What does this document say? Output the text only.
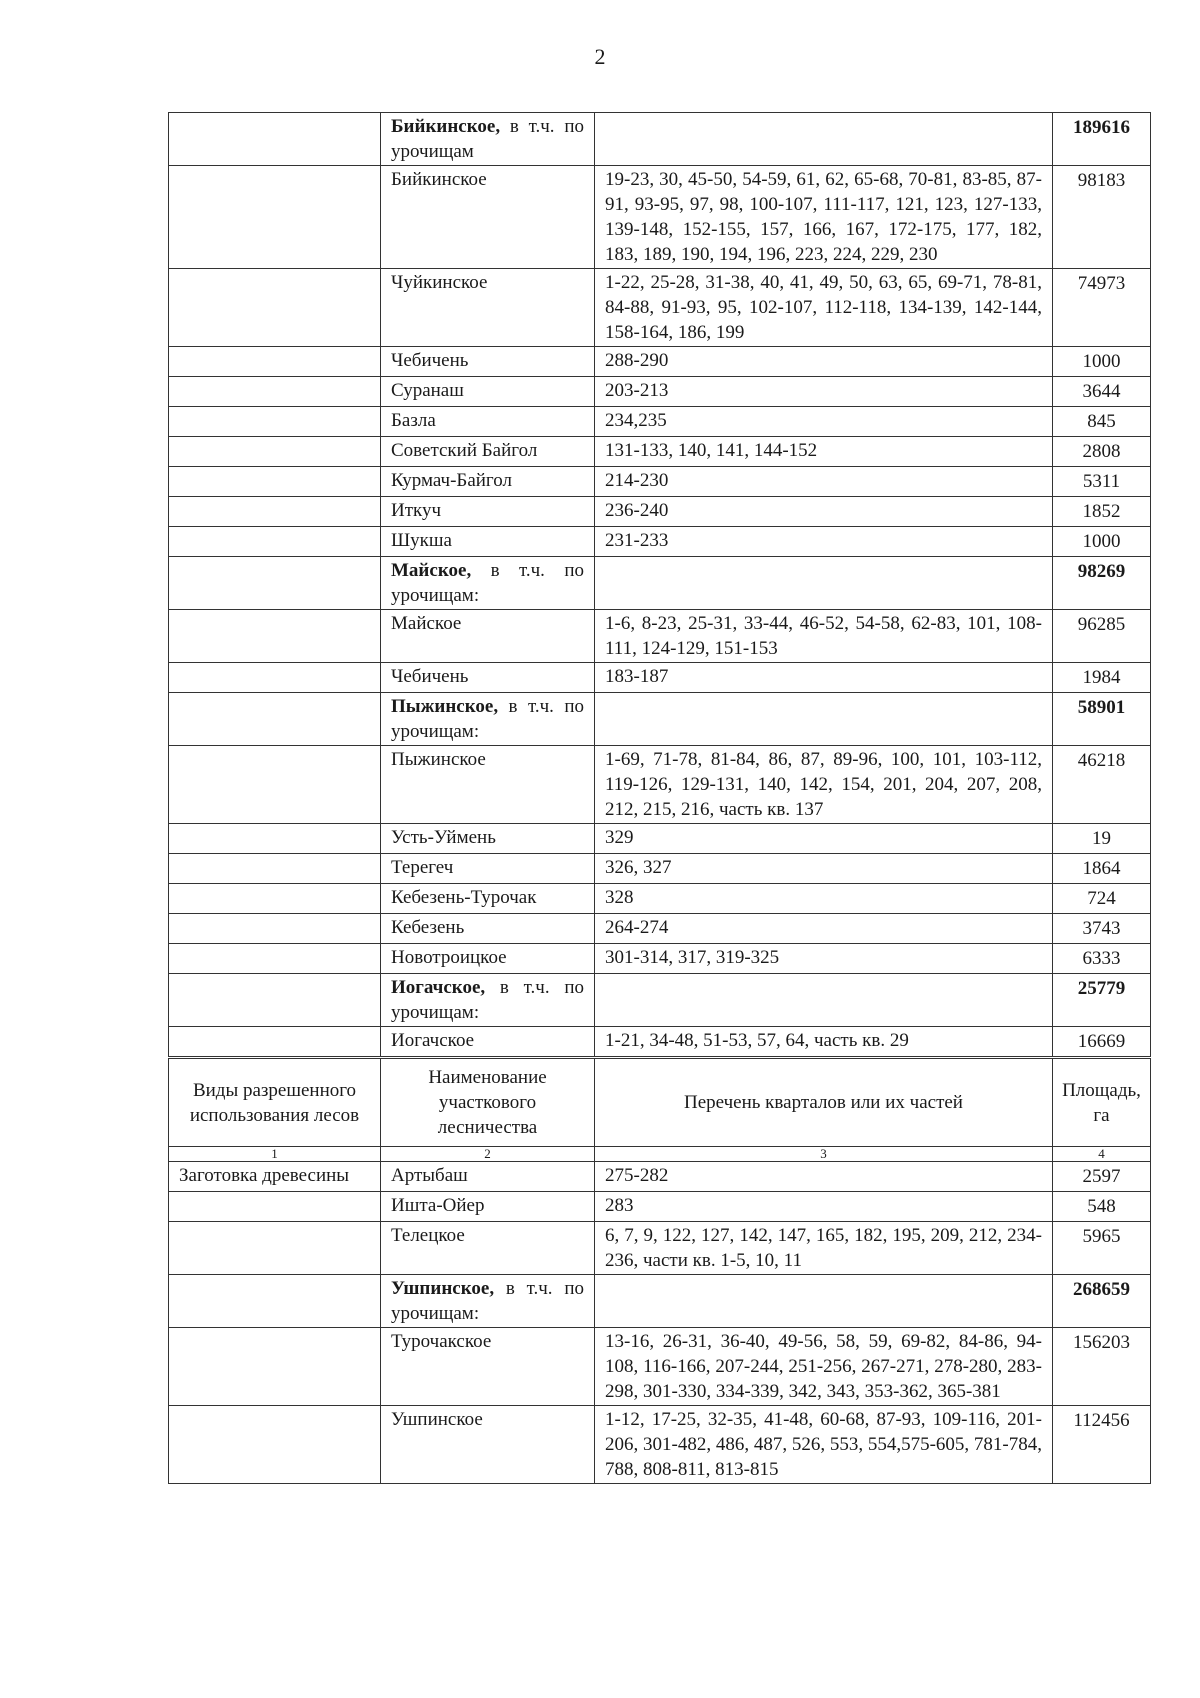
2
	Бийкинское, в т.ч. по урочищам		189616
	Бийкинское	19-23, 30, 45-50, 54-59, 61, 62, 65-68, 70-81, 83-85, 87-91, 93-95, 97, 98, 100-107, 111-117, 121, 123, 127-133, 139-148, 152-155, 157, 166, 167, 172-175, 177, 182, 183, 189, 190, 194, 196, 223, 224, 229, 230	98183
	Чуйкинское	1-22, 25-28, 31-38, 40, 41, 49, 50, 63, 65, 69-71, 78-81, 84-88, 91-93, 95, 102-107, 112-118, 134-139, 142-144, 158-164, 186, 199	74973
	Чебичень	288-290	1000
	Суранаш	203-213	3644
	Базла	234,235	845
	Советский Байгол	131-133, 140, 141, 144-152	2808
	Курмач-Байгол	214-230	5311
	Иткуч	236-240	1852
	Шукша	231-233	1000
	Майское, в т.ч. по урочищам:		98269
	Майское	1-6, 8-23, 25-31, 33-44, 46-52, 54-58, 62-83, 101, 108-111, 124-129, 151-153	96285
	Чебичень	183-187	1984
	Пыжинское, в т.ч. по урочищам:		58901
	Пыжинское	1-69, 71-78, 81-84, 86, 87, 89-96, 100, 101, 103-112, 119-126, 129-131, 140, 142, 154, 201, 204, 207, 208, 212, 215, 216, часть кв. 137	46218
	Усть-Уймень	329	19
	Терегеч	326, 327	1864
	Кебезень-Турочак	328	724
	Кебезень	264-274	3743
	Новотроицкое	301-314, 317, 319-325	6333
	Иогачское, в т.ч. по урочищам:		25779
	Иогачское	1-21, 34-48, 51-53, 57, 64, часть кв. 29	16669
Виды разрешенного использования лесов	Наименование участкового лесничества	Перечень кварталов или их частей	Площадь, га
1	2	3	4
Заготовка древесины	Артыбаш	275-282	2597
	Ишта-Ойер	283	548
	Телецкое	6, 7, 9, 122, 127, 142, 147, 165, 182, 195, 209, 212, 234-236, части кв. 1-5, 10, 11	5965
	Ушпинское, в т.ч. по урочищам:		268659
	Турочакское	13-16, 26-31, 36-40, 49-56, 58, 59, 69-82, 84-86, 94-108, 116-166, 207-244, 251-256, 267-271, 278-280, 283-298, 301-330, 334-339, 342, 343, 353-362, 365-381	156203
	Ушпинское	1-12, 17-25, 32-35, 41-48, 60-68, 87-93, 109-116, 201-206, 301-482, 486, 487, 526, 553, 554,575-605, 781-784, 788, 808-811, 813-815	112456
